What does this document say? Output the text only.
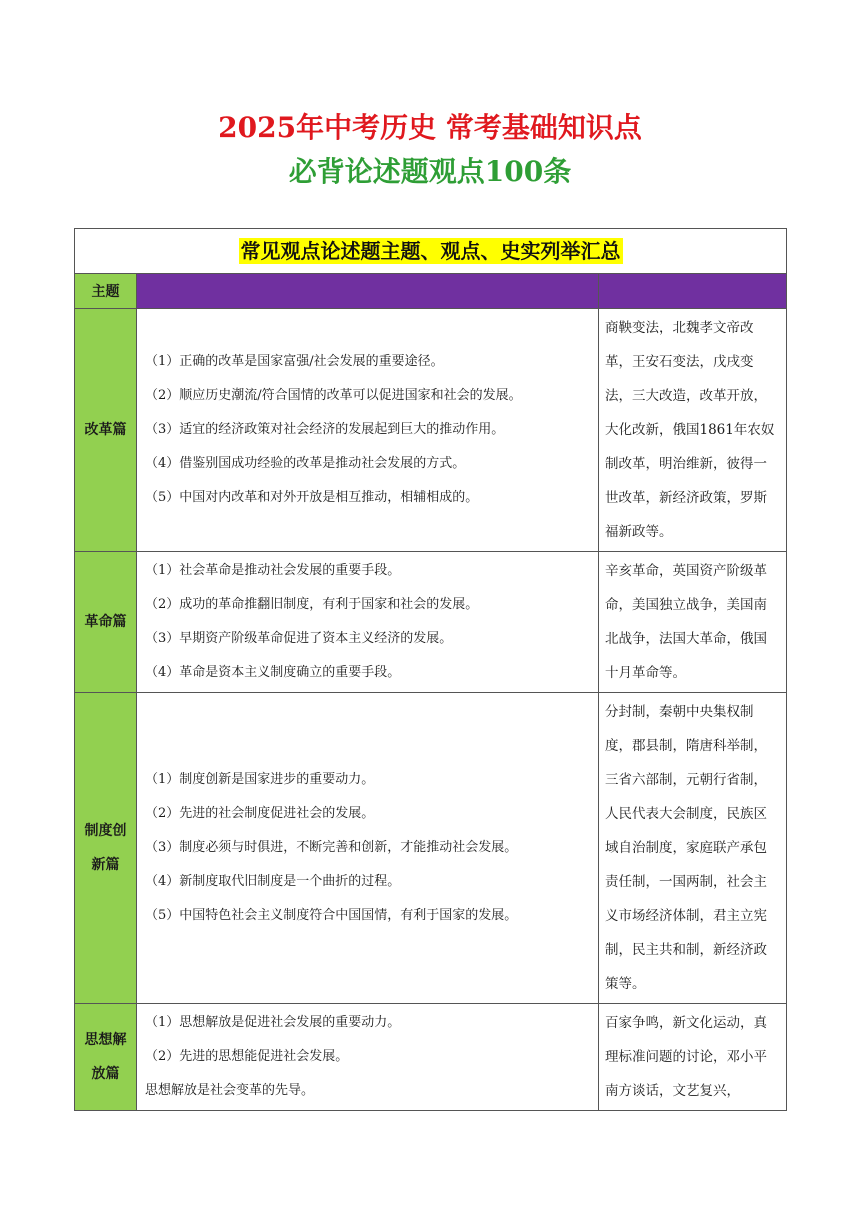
2025年中考历史 常考基础知识点
必背论述题观点100条
常见观点论述题主题、观点、史实列举汇总		
主题		
改革篇	（1）正确的改革是国家富强/社会发展的重要途径。
（2）顺应历史潮流/符合国情的改革可以促进国家和社会的发展。
（3）适宜的经济政策对社会经济的发展起到巨大的推动作用。
（4）借鉴别国成功经验的改革是推动社会发展的方式。
（5）中国对内改革和对外开放是相互推动，相辅相成的。	商鞅变法，北魏孝文帝改革，王安石变法，戊戌变法，三大改造，改革开放，大化改新，俄国1861年农奴制改革，明治维新，彼得一世改革，新经济政策，罗斯福新政等。
革命篇	（1）社会革命是推动社会发展的重要手段。
（2）成功的革命推翻旧制度，有利于国家和社会的发展。
（3）早期资产阶级革命促进了资本主义经济的发展。
（4）革命是资本主义制度确立的重要手段。	辛亥革命，英国资产阶级革命，美国独立战争，美国南北战争，法国大革命，俄国十月革命等。
制度创新篇	（1）制度创新是国家进步的重要动力。
（2）先进的社会制度促进社会的发展。
（3）制度必须与时俱进，不断完善和创新，才能推动社会发展。
（4）新制度取代旧制度是一个曲折的过程。
（5）中国特色社会主义制度符合中国国情，有利于国家的发展。	分封制，秦朝中央集权制度，郡县制，隋唐科举制，三省六部制，元朝行省制，人民代表大会制度，民族区域自治制度，家庭联产承包责任制，一国两制，社会主义市场经济体制，君主立宪制，民主共和制，新经济政策等。
思想解放篇	（1）思想解放是促进社会发展的重要动力。
（2）先进的思想能促进社会发展。
思想解放是社会变革的先导。	百家争鸣，新文化运动，真理标准问题的讨论，邓小平南方谈话，文艺复兴，
